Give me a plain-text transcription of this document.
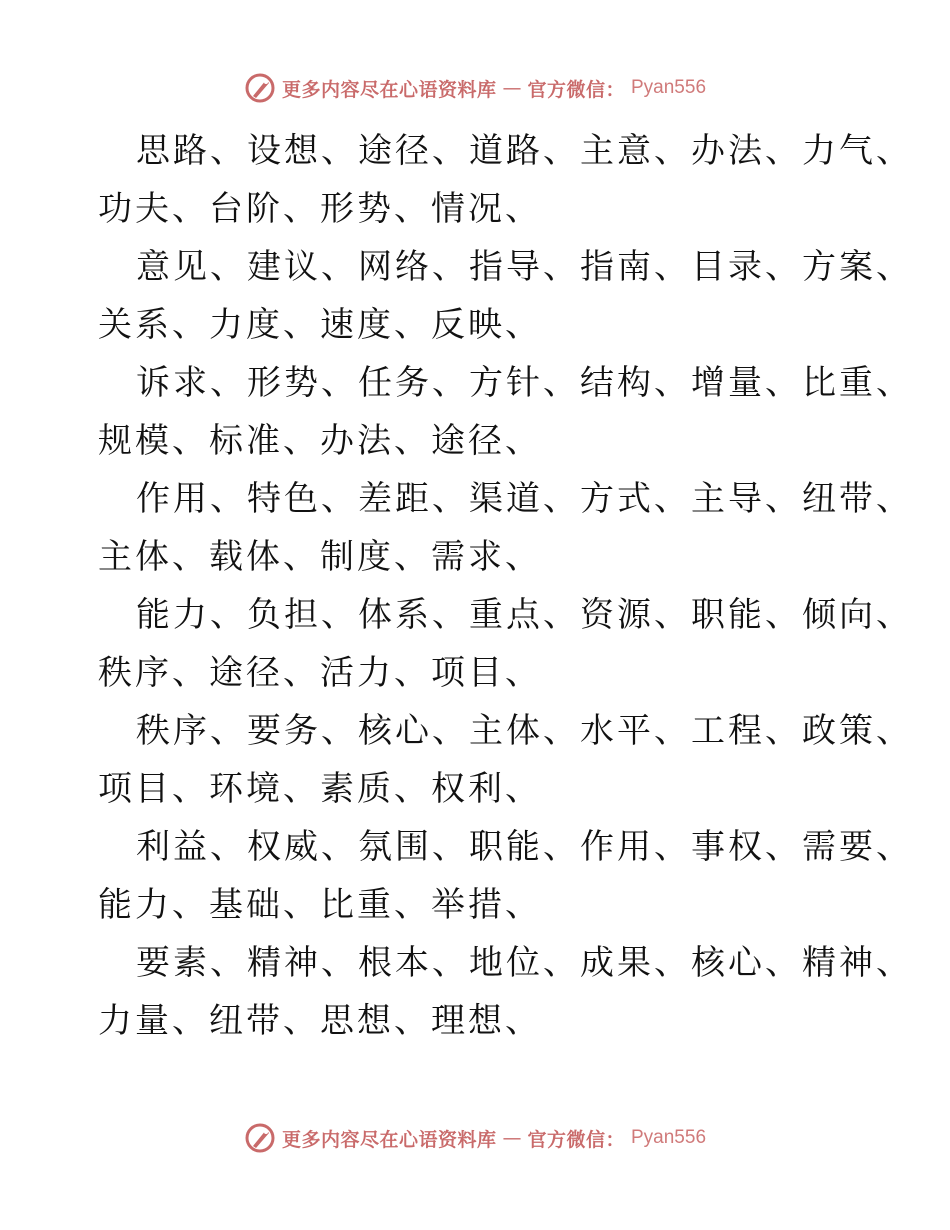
更多内容尽在心语资料库 — 官方微信： Pyan556
思路、设想、途径、道路、主意、办法、力气、
功夫、台阶、形势、情况、
意见、建议、网络、指导、指南、目录、方案、
关系、力度、速度、反映、
诉求、形势、任务、方针、结构、增量、比重、
规模、标准、办法、途径、
作用、特色、差距、渠道、方式、主导、纽带、
主体、载体、制度、需求、
能力、负担、体系、重点、资源、职能、倾向、
秩序、途径、活力、项目、
秩序、要务、核心、主体、水平、工程、政策、
项目、环境、素质、权利、
利益、权威、氛围、职能、作用、事权、需要、
能力、基础、比重、举措、
要素、精神、根本、地位、成果、核心、精神、
力量、纽带、思想、理想、
更多内容尽在心语资料库 — 官方微信： Pyan556
